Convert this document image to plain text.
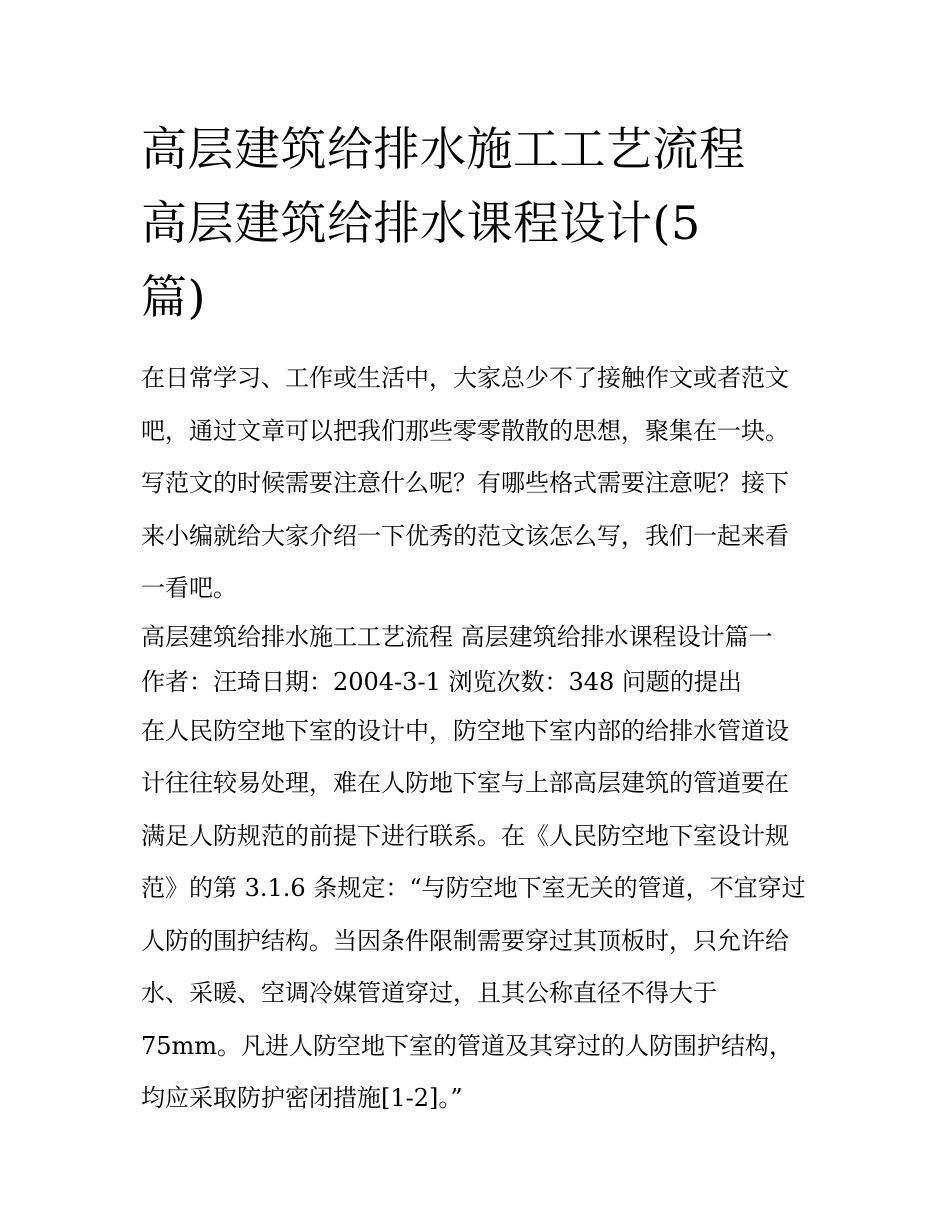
高层建筑给排水施工工艺流程
高层建筑给排水课程设计(5
篇)

在日常学习、工作或生活中，大家总少不了接触作文或者范文
吧，通过文章可以把我们那些零零散散的思想，聚集在一块。
写范文的时候需要注意什么呢？有哪些格式需要注意呢？接下
来小编就给大家介绍一下优秀的范文该怎么写，我们一起来看
一看吧。

高层建筑给排水施工工艺流程 高层建筑给排水课程设计篇一
作者：汪琦日期：2004-3-1 浏览次数：348 问题的提出

在人民防空地下室的设计中，防空地下室内部的给排水管道设
计往往较易处理，难在人防地下室与上部高层建筑的管道要在
满足人防规范的前提下进行联系。在《人民防空地下室设计规
范》的第 3.1.6 条规定：“与防空地下室无关的管道，不宜穿过
人防的围护结构。当因条件限制需要穿过其顶板时，只允许给
水、采暖、空调冷媒管道穿过，且其公称直径不得大于
75mm。凡进人防空地下室的管道及其穿过的人防围护结构，
均应采取防护密闭措施[1-2]。”
